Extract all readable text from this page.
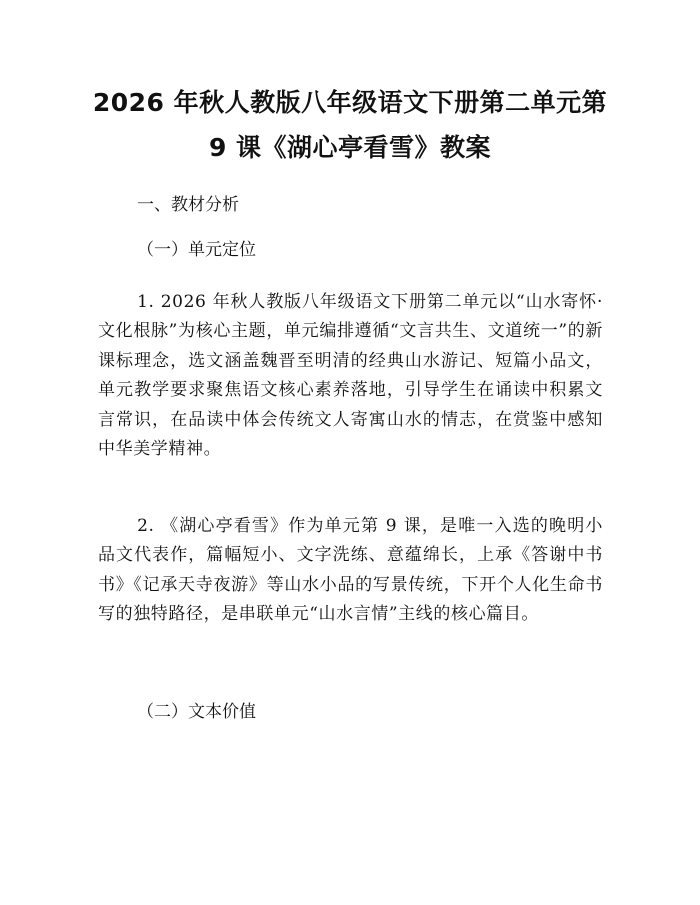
2026 年秋人教版八年级语文下册第二单元第
9 课《湖心亭看雪》教案
一、教材分析
（一）单元定位
1. 2026 年秋人教版八年级语文下册第二单元以“山水寄怀·文化根脉”为核心主题，单元编排遵循“文言共生、文道统一”的新课标理念，选文涵盖魏晋至明清的经典山水游记、短篇小品文，单元教学要求聚焦语文核心素养落地，引导学生在诵读中积累文言常识，在品读中体会传统文人寄寓山水的情志，在赏鉴中感知中华美学精神。
2. 《湖心亭看雪》作为单元第 9 课，是唯一入选的晚明小品文代表作，篇幅短小、文字洗练、意蕴绵长，上承《答谢中书书》《记承天寺夜游》等山水小品的写景传统，下开个人化生命书写的独特路径，是串联单元“山水言情”主线的核心篇目。
（二）文本价值
